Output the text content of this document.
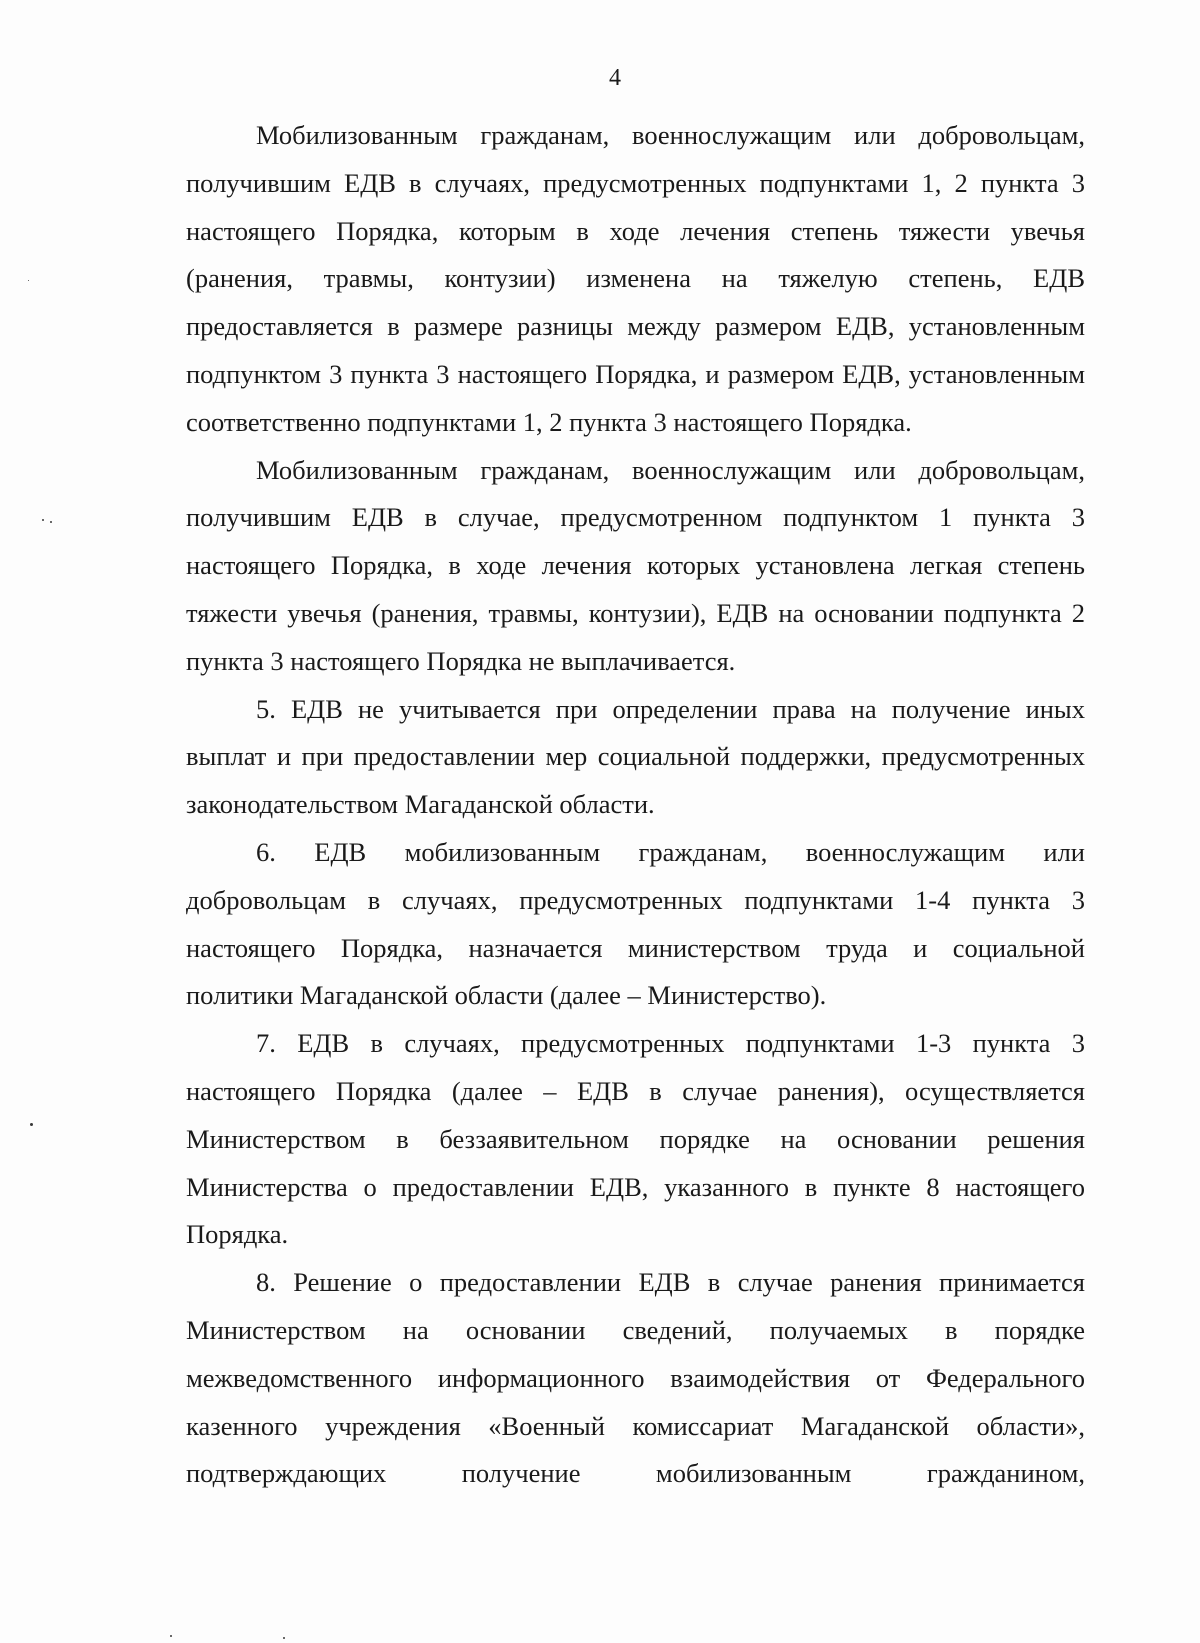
4

Мобилизованным гражданам, военнослужащим или добровольцам, получившим ЕДВ в случаях, предусмотренных подпунктами 1, 2 пункта 3 настоящего Порядка, которым в ходе лечения степень тяжести увечья (ранения, травмы, контузии) изменена на тяжелую степень, ЕДВ предоставляется в размере разницы между размером ЕДВ, установленным подпунктом 3 пункта 3 настоящего Порядка, и размером ЕДВ, установленным соответственно подпунктами 1, 2 пункта 3 настоящего Порядка.

Мобилизованным гражданам, военнослужащим или добровольцам, получившим ЕДВ в случае, предусмотренном подпунктом 1 пункта 3 настоящего Порядка, в ходе лечения которых установлена легкая степень тяжести увечья (ранения, травмы, контузии), ЕДВ на основании подпункта 2 пункта 3 настоящего Порядка не выплачивается.

5. ЕДВ не учитывается при определении права на получение иных выплат и при предоставлении мер социальной поддержки, предусмотренных законодательством Магаданской области.

6. ЕДВ мобилизованным гражданам, военнослужащим или добровольцам в случаях, предусмотренных подпунктами 1-4 пункта 3 настоящего Порядка, назначается министерством труда и социальной политики Магаданской области (далее – Министерство).

7. ЕДВ в случаях, предусмотренных подпунктами 1-3 пункта 3 настоящего Порядка (далее – ЕДВ в случае ранения), осуществляется Министерством в беззаявительном порядке на основании решения Министерства о предоставлении ЕДВ, указанного в пункте 8 настоящего Порядка.

8. Решение о предоставлении ЕДВ в случае ранения принимается Министерством на основании сведений, получаемых в порядке межведомственного информационного взаимодействия от Федерального казенного учреждения «Военный комиссариат Магаданской области», подтверждающих получение мобилизованным гражданином,
